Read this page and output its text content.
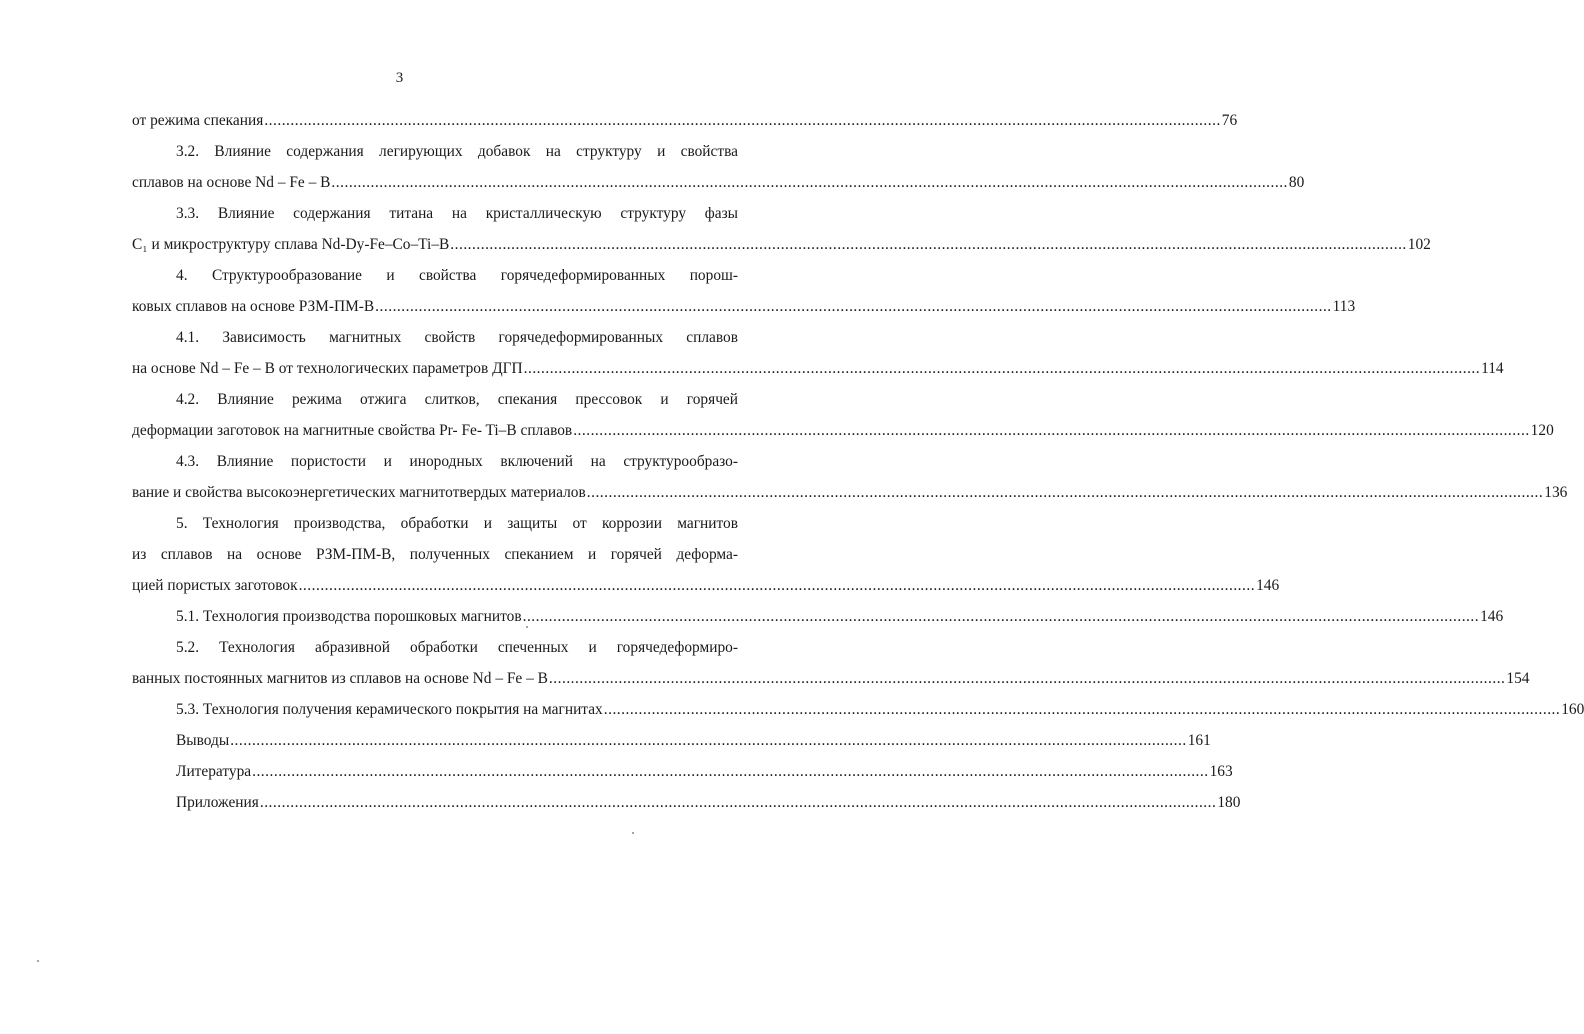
3
от режима спекания ............................................................................................................................................................................................................................ 76
3.2. Влияние содержания легирующих добавок на структуру и свойства
сплавов на основе Nd – Fe – B ............................................................................................................................................................................................................................ 80
3.3. Влияние содержания титана на кристаллическую структуру фазы
C₁ и микроструктуру сплава Nd-Dy-Fe–Co–Ti–B ............................................................................................................................................................................................................................ 102
4. Структурообразование и свойства горячедеформированных порош-
ковых сплавов на основе РЗМ-ПМ-В ............................................................................................................................................................................................................................ 113
4.1. Зависимость магнитных свойств горячедеформированных сплавов
на основе Nd – Fe – B от технологических параметров ДГП ............................................................................................................................................................................................................................ 114
4.2. Влияние режима отжига слитков, спекания прессовок и горячей
деформации заготовок на магнитные свойства Pr- Fe- Ti–B сплавов ............................................................................................................................................................................................................................ 120
4.3. Влияние пористости и инородных включений на структурообразо-
вание и свойства высокоэнергетических магнитотвердых материалов ............................................................................................................................................................................................................................ 136
5. Технология производства, обработки и защиты от коррозии магнитов
из сплавов на основе РЗМ-ПМ-В, полученных спеканием и горячей деформа-
цией пористых заготовок ............................................................................................................................................................................................................................ 146
5.1. Технология производства порошковых магнитов ............................................................................................................................................................................................................................ 146
5.2. Технология абразивной обработки спеченных и горячедеформиро-
ванных постоянных магнитов из сплавов на основе Nd – Fe – B ............................................................................................................................................................................................................................ 154
5.3. Технология получения керамического покрытия на магнитах ............................................................................................................................................................................................................................ 160
Выводы ............................................................................................................................................................................................................................ 161
Литература ............................................................................................................................................................................................................................ 163
Приложения ............................................................................................................................................................................................................................ 180
